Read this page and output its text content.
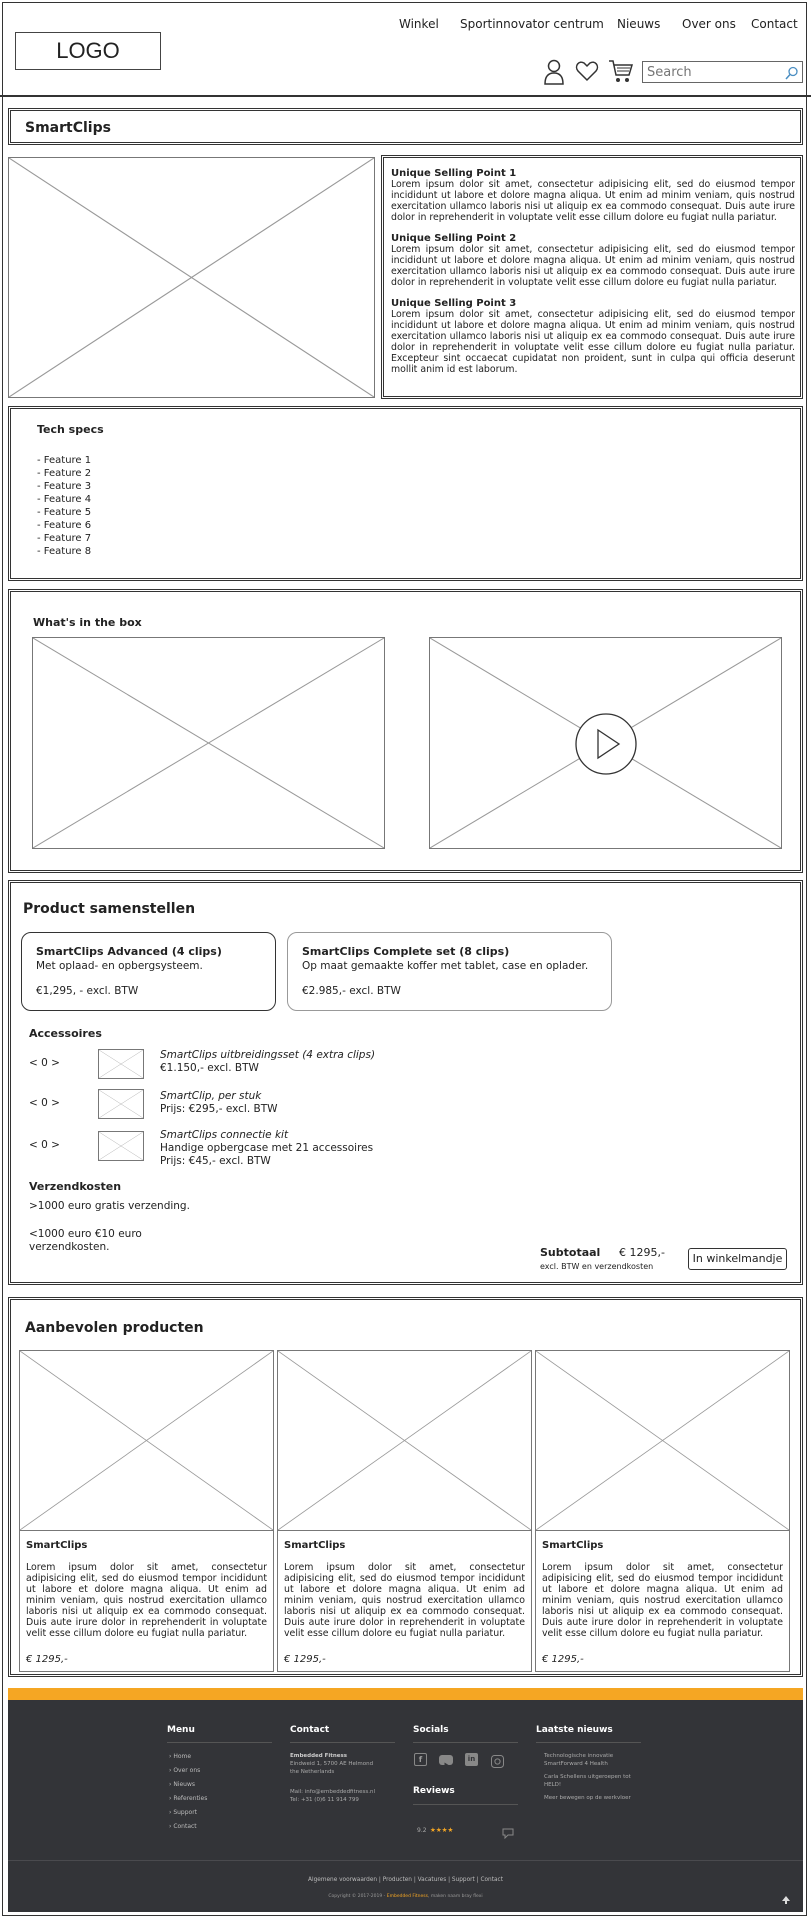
LOGO
Winkel Sportinnovator centrum Nieuws Over ons Contact
Search
SmartClips
Unique Selling Point 1
Lorem ipsum dolor sit amet, consectetur adipisicing elit, sed do eiusmod tempor incididunt ut labore et dolore magna aliqua. Ut enim ad minim veniam, quis nostrud exercitation ullamco laboris nisi ut aliquip ex ea commodo consequat. Duis aute irure dolor in reprehenderit in voluptate velit esse cillum dolore eu fugiat nulla pariatur.
Unique Selling Point 2
Lorem ipsum dolor sit amet, consectetur adipisicing elit, sed do eiusmod tempor incididunt ut labore et dolore magna aliqua. Ut enim ad minim veniam, quis nostrud exercitation ullamco laboris nisi ut aliquip ex ea commodo consequat. Duis aute irure dolor in reprehenderit in voluptate velit esse cillum dolore eu fugiat nulla pariatur.
Unique Selling Point 3
Lorem ipsum dolor sit amet, consectetur adipisicing elit, sed do eiusmod tempor incididunt ut labore et dolore magna aliqua. Ut enim ad minim veniam, quis nostrud exercitation ullamco laboris nisi ut aliquip ex ea commodo consequat. Duis aute irure dolor in reprehenderit in voluptate velit esse cillum dolore eu fugiat nulla pariatur. Excepteur sint occaecat cupidatat non proident, sunt in culpa qui officia deserunt mollit anim id est laborum.
Tech specs
- Feature 1
- Feature 2
- Feature 3
- Feature 4
- Feature 5
- Feature 6
- Feature 7
- Feature 8
What's in the box
Product samenstellen
SmartClips Advanced (4 clips)
Met oplaad- en opbergsysteem.
€1,295, - excl. BTW
SmartClips Complete set (8 clips)
Op maat gemaakte koffer met tablet, case en oplader.
€2.985,- excl. BTW
Accessoires
< 0 >
SmartClips uitbreidingsset (4 extra clips)
€1.150,- excl. BTW
< 0 >
SmartClip, per stuk
Prijs: €295,- excl. BTW
< 0 >
SmartClips connectie kit
Handige opbergcase met 21 accessoires
Prijs: €45,- excl. BTW
Verzendkosten
>1000 euro gratis verzending.
<1000 euro €10 euro verzendkosten.	Subtotaal € 1295,-
excl. BTW en verzendkosten
In winkelmandje
Aanbevolen producten
SmartClips
Lorem ipsum dolor sit amet, consectetur adipisicing elit, sed do eiusmod tempor incididunt ut labore et dolore magna aliqua. Ut enim ad minim veniam, quis nostrud exercitation ullamco laboris nisi ut aliquip ex ea commodo consequat. Duis aute irure dolor in reprehenderit in voluptate velit esse cillum dolore eu fugiat nulla pariatur.
€ 1295,-
SmartClips
Lorem ipsum dolor sit amet, consectetur adipisicing elit, sed do eiusmod tempor incididunt ut labore et dolore magna aliqua. Ut enim ad minim veniam, quis nostrud exercitation ullamco laboris nisi ut aliquip ex ea commodo consequat. Duis aute irure dolor in reprehenderit in voluptate velit esse cillum dolore eu fugiat nulla pariatur.
€ 1295,-
SmartClips
Lorem ipsum dolor sit amet, consectetur adipisicing elit, sed do eiusmod tempor incididunt ut labore et dolore magna aliqua. Ut enim ad minim veniam, quis nostrud exercitation ullamco laboris nisi ut aliquip ex ea commodo consequat. Duis aute irure dolor in reprehenderit in voluptate velit esse cillum dolore eu fugiat nulla pariatur.
€ 1295,-
Menu
› Home
› Over ons
› Nieuws
› Referenties
› Support
› Contact
Contact
Embedded Fitness
Eindweid 1, 5700 AE Helmond
the Netherlands
Mail: info@embeddedfitness.nl
Tel: +31 (0)6 11 914 799
Socials
f	in
Reviews
9.2 ★★★★
Laatste nieuws
Technologische innovatie SmartForward 4 Health
Carla Schellens uitgeroepen tot HELD!
Meer bewegen op de werkvloer
Algemene voorwaarden | Producten | Vacatures | Support | Contact
Copyright © 2017-2019 - Embedded Fitness, maken naam bray flexi
